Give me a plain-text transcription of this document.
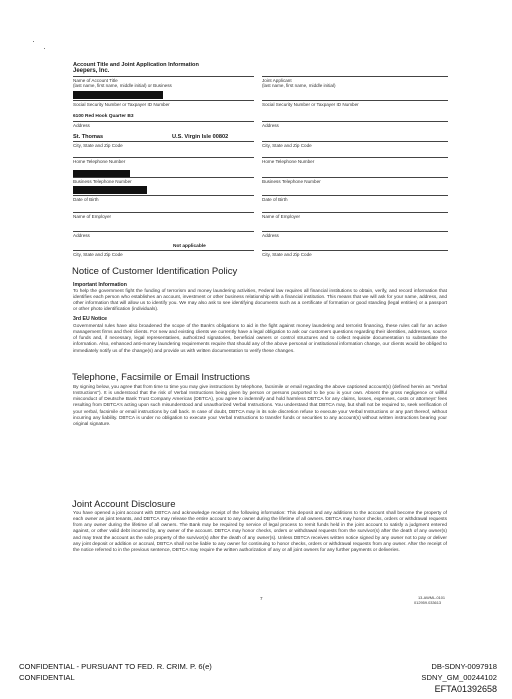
Account Title and Joint Application Information
Jeepers, Inc.
Name of Account Title
(last name, first name, middle initial) or Business
Social Security Number or Taxpayer ID Number
6100 Red Hook Quarter B3
Address
St. Thomas	U.S. Virgin Isle 00802
City, State and Zip Code
Home Telephone Number
Business Telephone Number
Date of Birth
Name of Employer
Address
Not applicable
City, State and Zip Code
Joint Applicant
(last name, first name, middle initial)
Social Security Number or Taxpayer ID Number
Address
City, State and Zip Code
Home Telephone Number
Business Telephone Number
Date of Birth
Name of Employer
Address
City, State and Zip Code
Notice of Customer Identification Policy
Important Information
To help the government fight the funding of terrorism and money laundering activities, Federal law requires all financial institutions to obtain, verify, and record information that identifies each person who establishes an account, investment or other business relationship with a financial institution. This means that we will ask for your name, address, and other information that will allow us to identify you. We may also ask to see identifying documents such as a certificate of formation or good standing (legal entities) or a passport or other photo identification (individuals).
3rd EU Notice
Governmental rules have also broadened the scope of the Bank's obligations to aid in the fight against money laundering and terrorist financing, these rules call for an active management firms and their clients. For new and existing clients we currently have a legal obligation to ask our customers questions regarding their identities, addresses, source of funds and, if necessary, legal representatives, authorized signatories, beneficial owners or control structures and to collect requisite documentation to substantiate the information. Also, enhanced anti-money laundering requirements require that should any of the above personal or institutional information change, our clients would be obliged to immediately notify us of the change(s) and provide us with written documentation to verify these changes.
Telephone, Facsimile or Email Instructions
By signing below, you agree that from time to time you may give instructions by telephone, facsimile or email regarding the above captioned account(s) (defined herein as "Verbal Instructions"). It is understood that the risk of Verbal Instructions being given by person or persons purported to be you is your own. Absent the gross negligence or willful misconduct of Deutsche Bank Trust Company Americas (DBTCA), you agree to indemnify and hold harmless DBTCA for any claims, losses, expenses, costs or attorneys' fees resulting from DBTCA's acting upon such misunderstood and unauthorized Verbal Instructions. You understand that DBTCA may, but shall not be required to, seek verification of your verbal, facsimile or email instructions by call back. In case of doubt, DBTCA may in its sole discretion refuse to execute your Verbal Instructions or any part thereof, without incurring any liability. DBTCA is under no obligation to execute your Verbal Instructions to transfer funds or securities to any account(s) without written instructions bearing your original signature.
Joint Account Disclosure
You have opened a joint account with DBTCA and acknowledge receipt of the following information: This deposit and any additions to the account shall become the property of each owner as joint tenants, and DBTCA may release the entire account to any owner during the lifetime of all owners. DBTCA may honor checks, orders or withdrawal requests from any owner during the lifetime of all owners. The Bank may be required by service of legal process to remit funds held in the joint account to satisfy a judgment entered against, or other valid debt incurred by, any owner of the account. DBTCA may honor checks, orders or withdrawal requests from the survivor(s) after the death of any owner(s) and may treat the account as the sole property of the survivor(s) after the death of any owner(s). Unless DBTCA receives written notice signed by any owner not to pay or deliver any joint deposit or addition or accrual, DBTCA shall not be liable to any owner for continuing to honor checks, orders or withdrawal requests from any owner. After the receipt of the notice referred to in the previous sentence, DBTCA may require the written authorization of any or all joint owners for any further payments or deliveries.
7	13-AWML-0101
012959.033613
CONFIDENTIAL - PURSUANT TO FED. R. CRIM. P. 6(e)
CONFIDENTIAL
DB-SDNY-0097918
SDNY_GM_00244102
EFTA01392658
